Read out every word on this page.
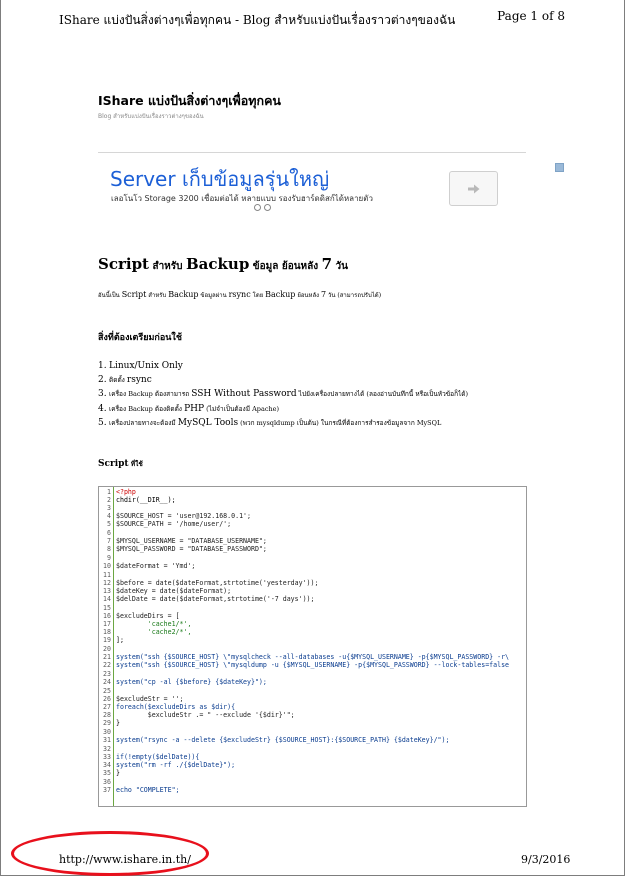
IShare แบ่งปันสิ่งต่างๆเพื่อทุกคน - Blog สำหรับแบ่งปันเรื่องราวต่างๆของฉัน	Page 1 of 8
IShare แบ่งปันสิ่งต่างๆเพื่อทุกคน
Blog สำหรับแบ่งปันเรื่องราวต่างๆของฉัน
Server เก็บข้อมูลรุ่นใหญ่
เลอโนโว Storage 3200 เชื่อมต่อได้ หลายแบบ รองรับฮาร์ดดิสก์ได้หลายตัว
Script สำหรับ Backup ข้อมูล ย้อนหลัง 7 วัน
อันนี้เป็น Script สำหรับ Backup ข้อมูลผ่าน rsync โดย Backup ย้อนหลัง 7 วัน (สามารถปรับได้)
สิ่งที่ต้องเตรียมก่อนใช้
1. Linux/Unix Only
2. ติดตั้ง rsync
3. เครื่อง Backup ต้องสามารถ SSH Without Password ไปยังเครื่องปลายทางได้ (ลองอ่านบันทึกนี้ หรือเป็นหัวข้อก็ได้)
4. เครื่อง Backup ต้องติดตั้ง PHP (ไม่จำเป็นต้องมี Apache)
5. เครื่องปลายทางจะต้องมี MySQL Tools (พวก mysqldump เป็นต้น) ในกรณีที่ต้องการสำรองข้อมูลจาก MySQL
Script ที่ใช้
1 <?php
2 chdir(__DIR__);
3
4 $SOURCE_HOST = 'user@192.168.0.1';
5 $SOURCE_PATH = '/home/user/';
6
7 $MYSQL_USERNAME = "DATABASE_USERNAME";
8 $MYSQL_PASSWORD = "DATABASE_PASSWORD";
9
10 $dateFormat = 'Ymd';
11
12 $before = date($dateFormat,strtotime('yesterday'));
13 $dateKey = date($dateFormat);
14 $delDate = date($dateFormat,strtotime('-7 days'));
15
16 $excludeDirs = [
17 'cache1/*',
18 'cache2/*',
19 ];
20
21 system("ssh {$SOURCE_HOST} \"mysqlcheck --all-databases -u{$MYSQL_USERNAME} -p{$MYSQL_PASSWORD} -r\
22 system("ssh {$SOURCE_HOST} \"mysqldump -u {$MYSQL_USERNAME} -p{$MYSQL_PASSWORD} --lock-tables=false
23
24 system("cp -al {$before} {$dateKey}");
25
26 $excludeStr = '';
27 foreach($excludeDirs as $dir){
28 $excludeStr .= " --exclude '{$dir}'";
29 }
30
31 system("rsync -a --delete {$excludeStr} {$SOURCE_HOST}:{$SOURCE_PATH} {$dateKey}/");
32
33 if(!empty($delDate)){
34 system("rm -rf ./{$delDate}");
35 }
36
37 echo "COMPLETE";
http://www.ishare.in.th/	9/3/2016
